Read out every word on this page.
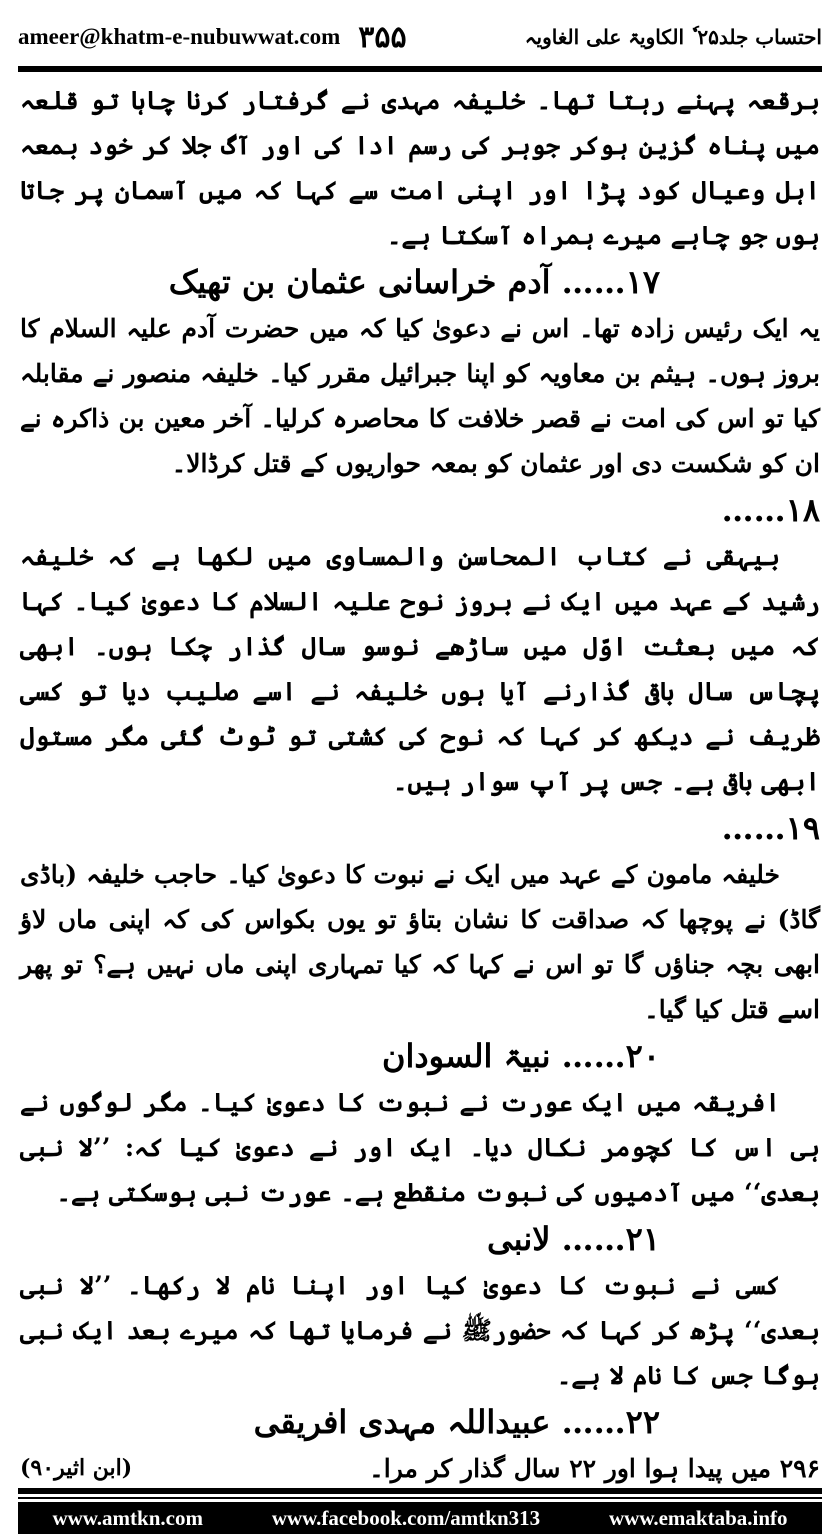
ameer@khatm-e-nubuwwat.com ۳۵۵	احتساب جلد۲۵ ٗ الکاویۃ علی الغاویہ

برقعہ پہنے رہتا تھا۔ خلیفہ مہدی نے گرفتار کرنا چاہا تو قلعہ میں پناہ گزین ہوکر جوہر کی رسم ادا کی اور آگ جلا کر خود بمعہ اہل وعیال کود پڑا اور اپنی امت سے کہا کہ میں آسمان پر جاتا ہوں جو چاہے میرے ہمراہ آسکتا ہے۔

۱۷…… آدم خراسانی عثمان بن تھیک

یہ ایک رئیس زادہ تھا۔ اس نے دعویٰ کیا کہ میں حضرت آدم علیہ السلام کا بروز ہوں۔ ہیثم بن معاویہ کو اپنا جبرائیل مقرر کیا۔ خلیفہ منصور نے مقابلہ کیا تو اس کی امت نے قصر خلافت کا محاصرہ کرلیا۔ آخر معین بن ذاکرہ نے ان کو شکست دی اور عثمان کو بمعہ حواریوں کے قتل کرڈالا۔

۱۸……

بیہقی نے کتاب المحاسن والمساوی میں لکھا ہے کہ خلیفہ رشید کے عہد میں ایک نے بروز نوح علیہ السلام کا دعویٰ کیا۔ کہا کہ میں بعثت اوّل میں ساڑھے نوسو سال گذار چکا ہوں۔ ابھی پچاس سال باقی گذارنے آیا ہوں خلیفہ نے اسے صلیب دیا تو کسی ظریف نے دیکھ کر کہا کہ نوح کی کشتی تو ٹوٹ گئی مگر مستول ابھی باقی ہے۔ جس پر آپ سوار ہیں۔

۱۹……

خلیفہ مامون کے عہد میں ایک نے نبوت کا دعویٰ کیا۔ حاجب خلیفہ (باڈی گاڈ) نے پوچھا کہ صداقت کا نشان بتاؤ تو یوں بکواس کی کہ اپنی ماں لاؤ ابھی بچہ جناؤں گا تو اس نے کہا کہ کیا تمہاری اپنی ماں نہیں ہے؟ تو پھر اسے قتل کیا گیا۔

۲۰…… نبیۃ السودان

افریقہ میں ایک عورت نے نبوت کا دعویٰ کیا۔ مگر لوگوں نے ہی اس کا کچومر نکال دیا۔ ایک اور نے دعویٰ کیا کہ: ’’لا نبی بعدی‘‘ میں آدمیوں کی نبوت منقطع ہے۔ عورت نبی ہوسکتی ہے۔

۲۱…… لانبی

کسی نے نبوت کا دعویٰ کیا اور اپنا نام لا رکھا۔ ’’لا نبی بعدی‘‘ پڑھ کر کہا کہ حضورﷺ نے فرمایا تھا کہ میرے بعد ایک نبی ہوگا جس کا نام لا ہے۔

۲۲…… عبیداللہ مہدی افریقی

۲۹۶ میں پیدا ہوا اور ۲۲ سال گذار کر مرا۔
(ابن اثیر۹۰)
www.amtkn.com	www.facebook.com/amtkn313	www.emaktaba.info
